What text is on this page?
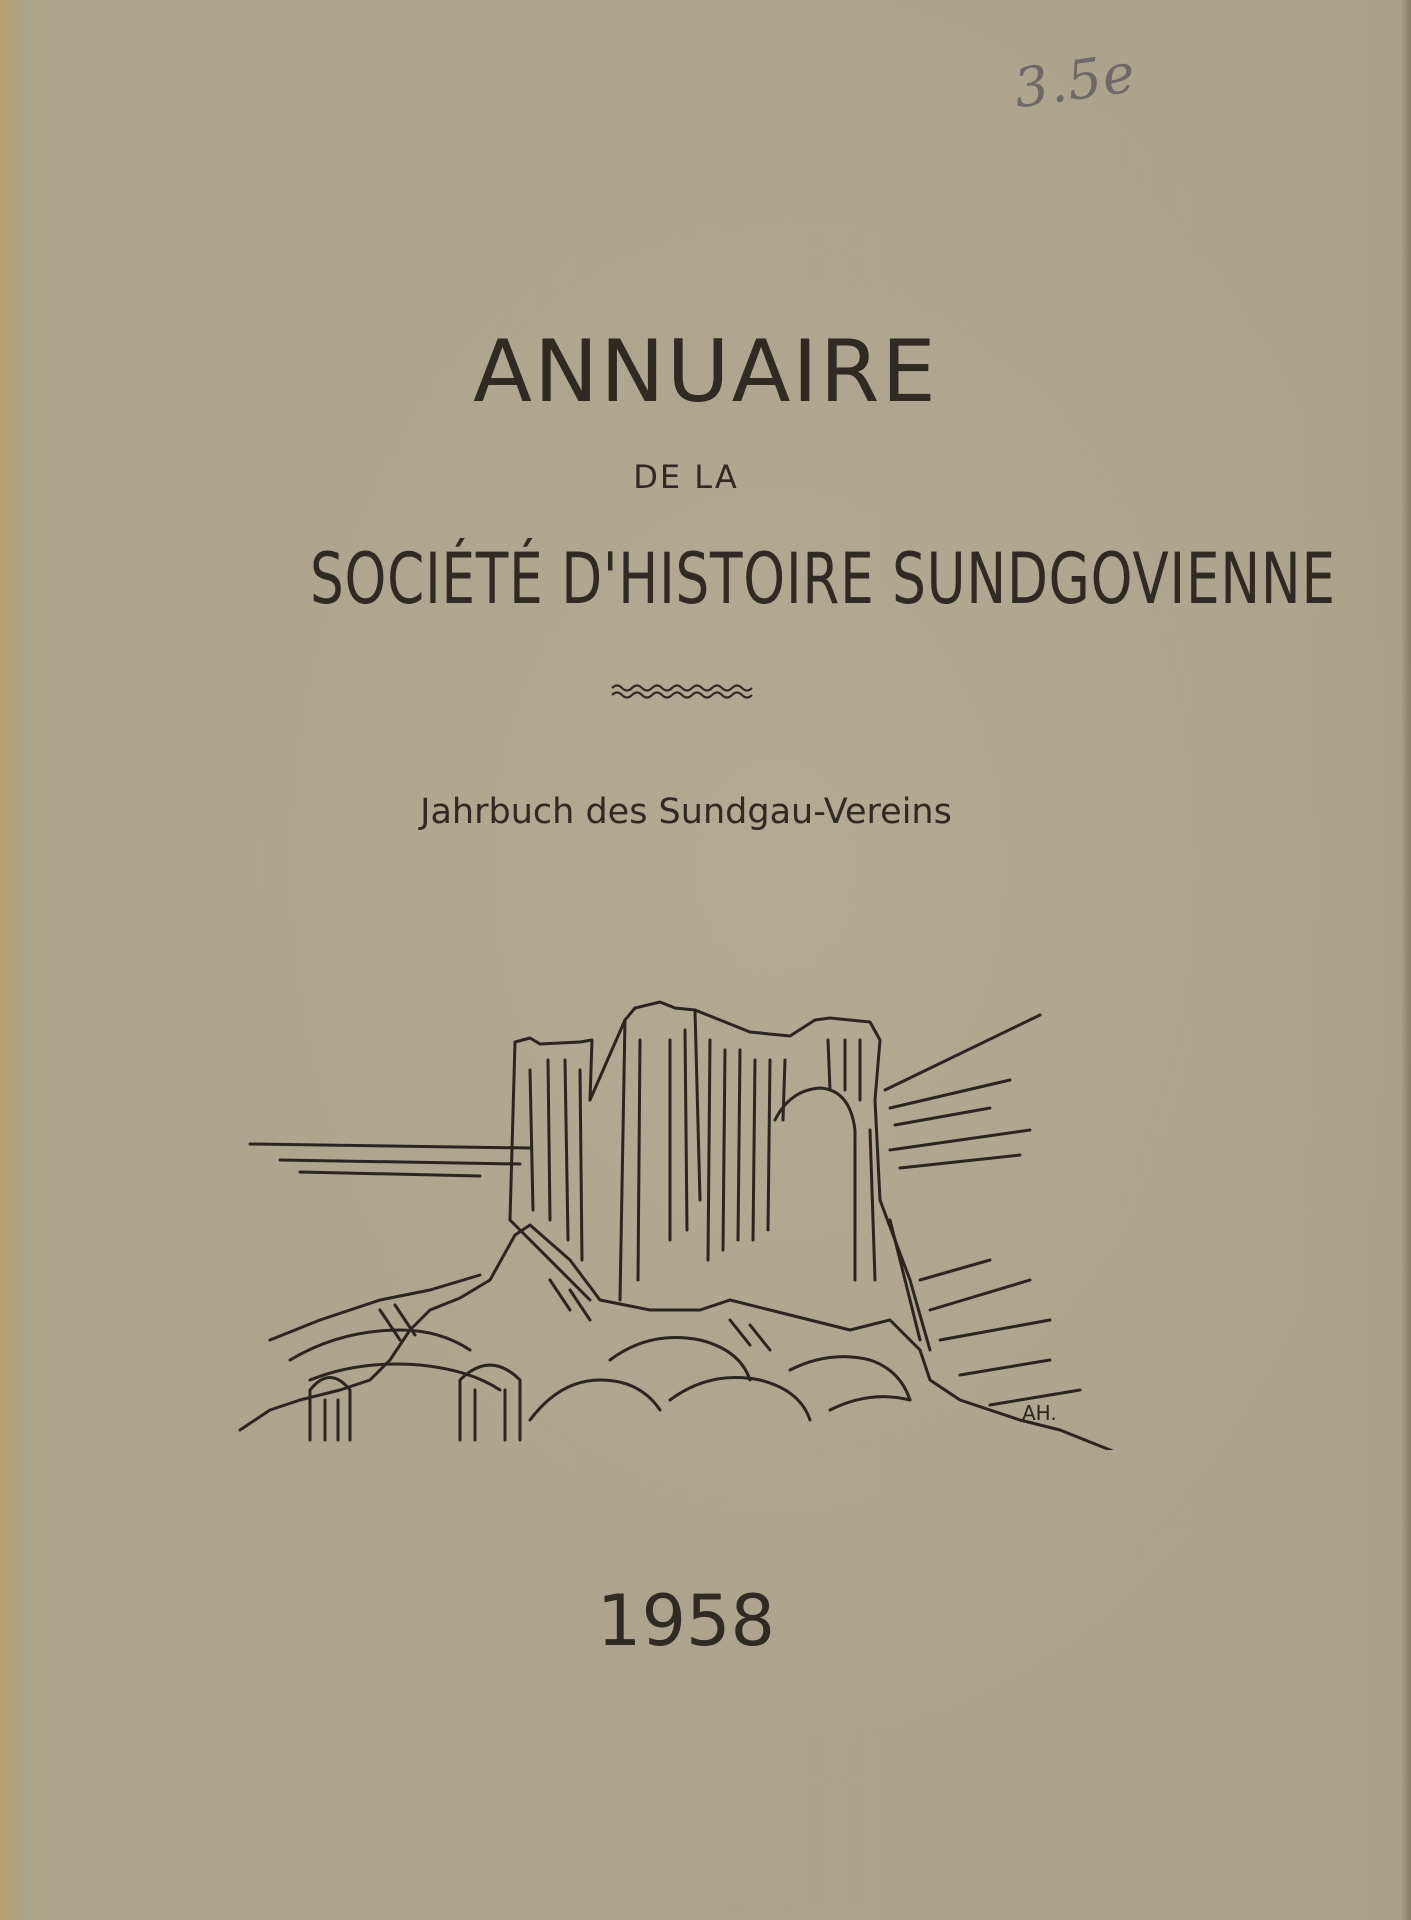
3.5e
ANNUAIRE
DE LA
SOCIÉTÉ D'HISTOIRE SUNDGOVIENNE
Jahrbuch des Sundgau-Vereins
AH.
1958
